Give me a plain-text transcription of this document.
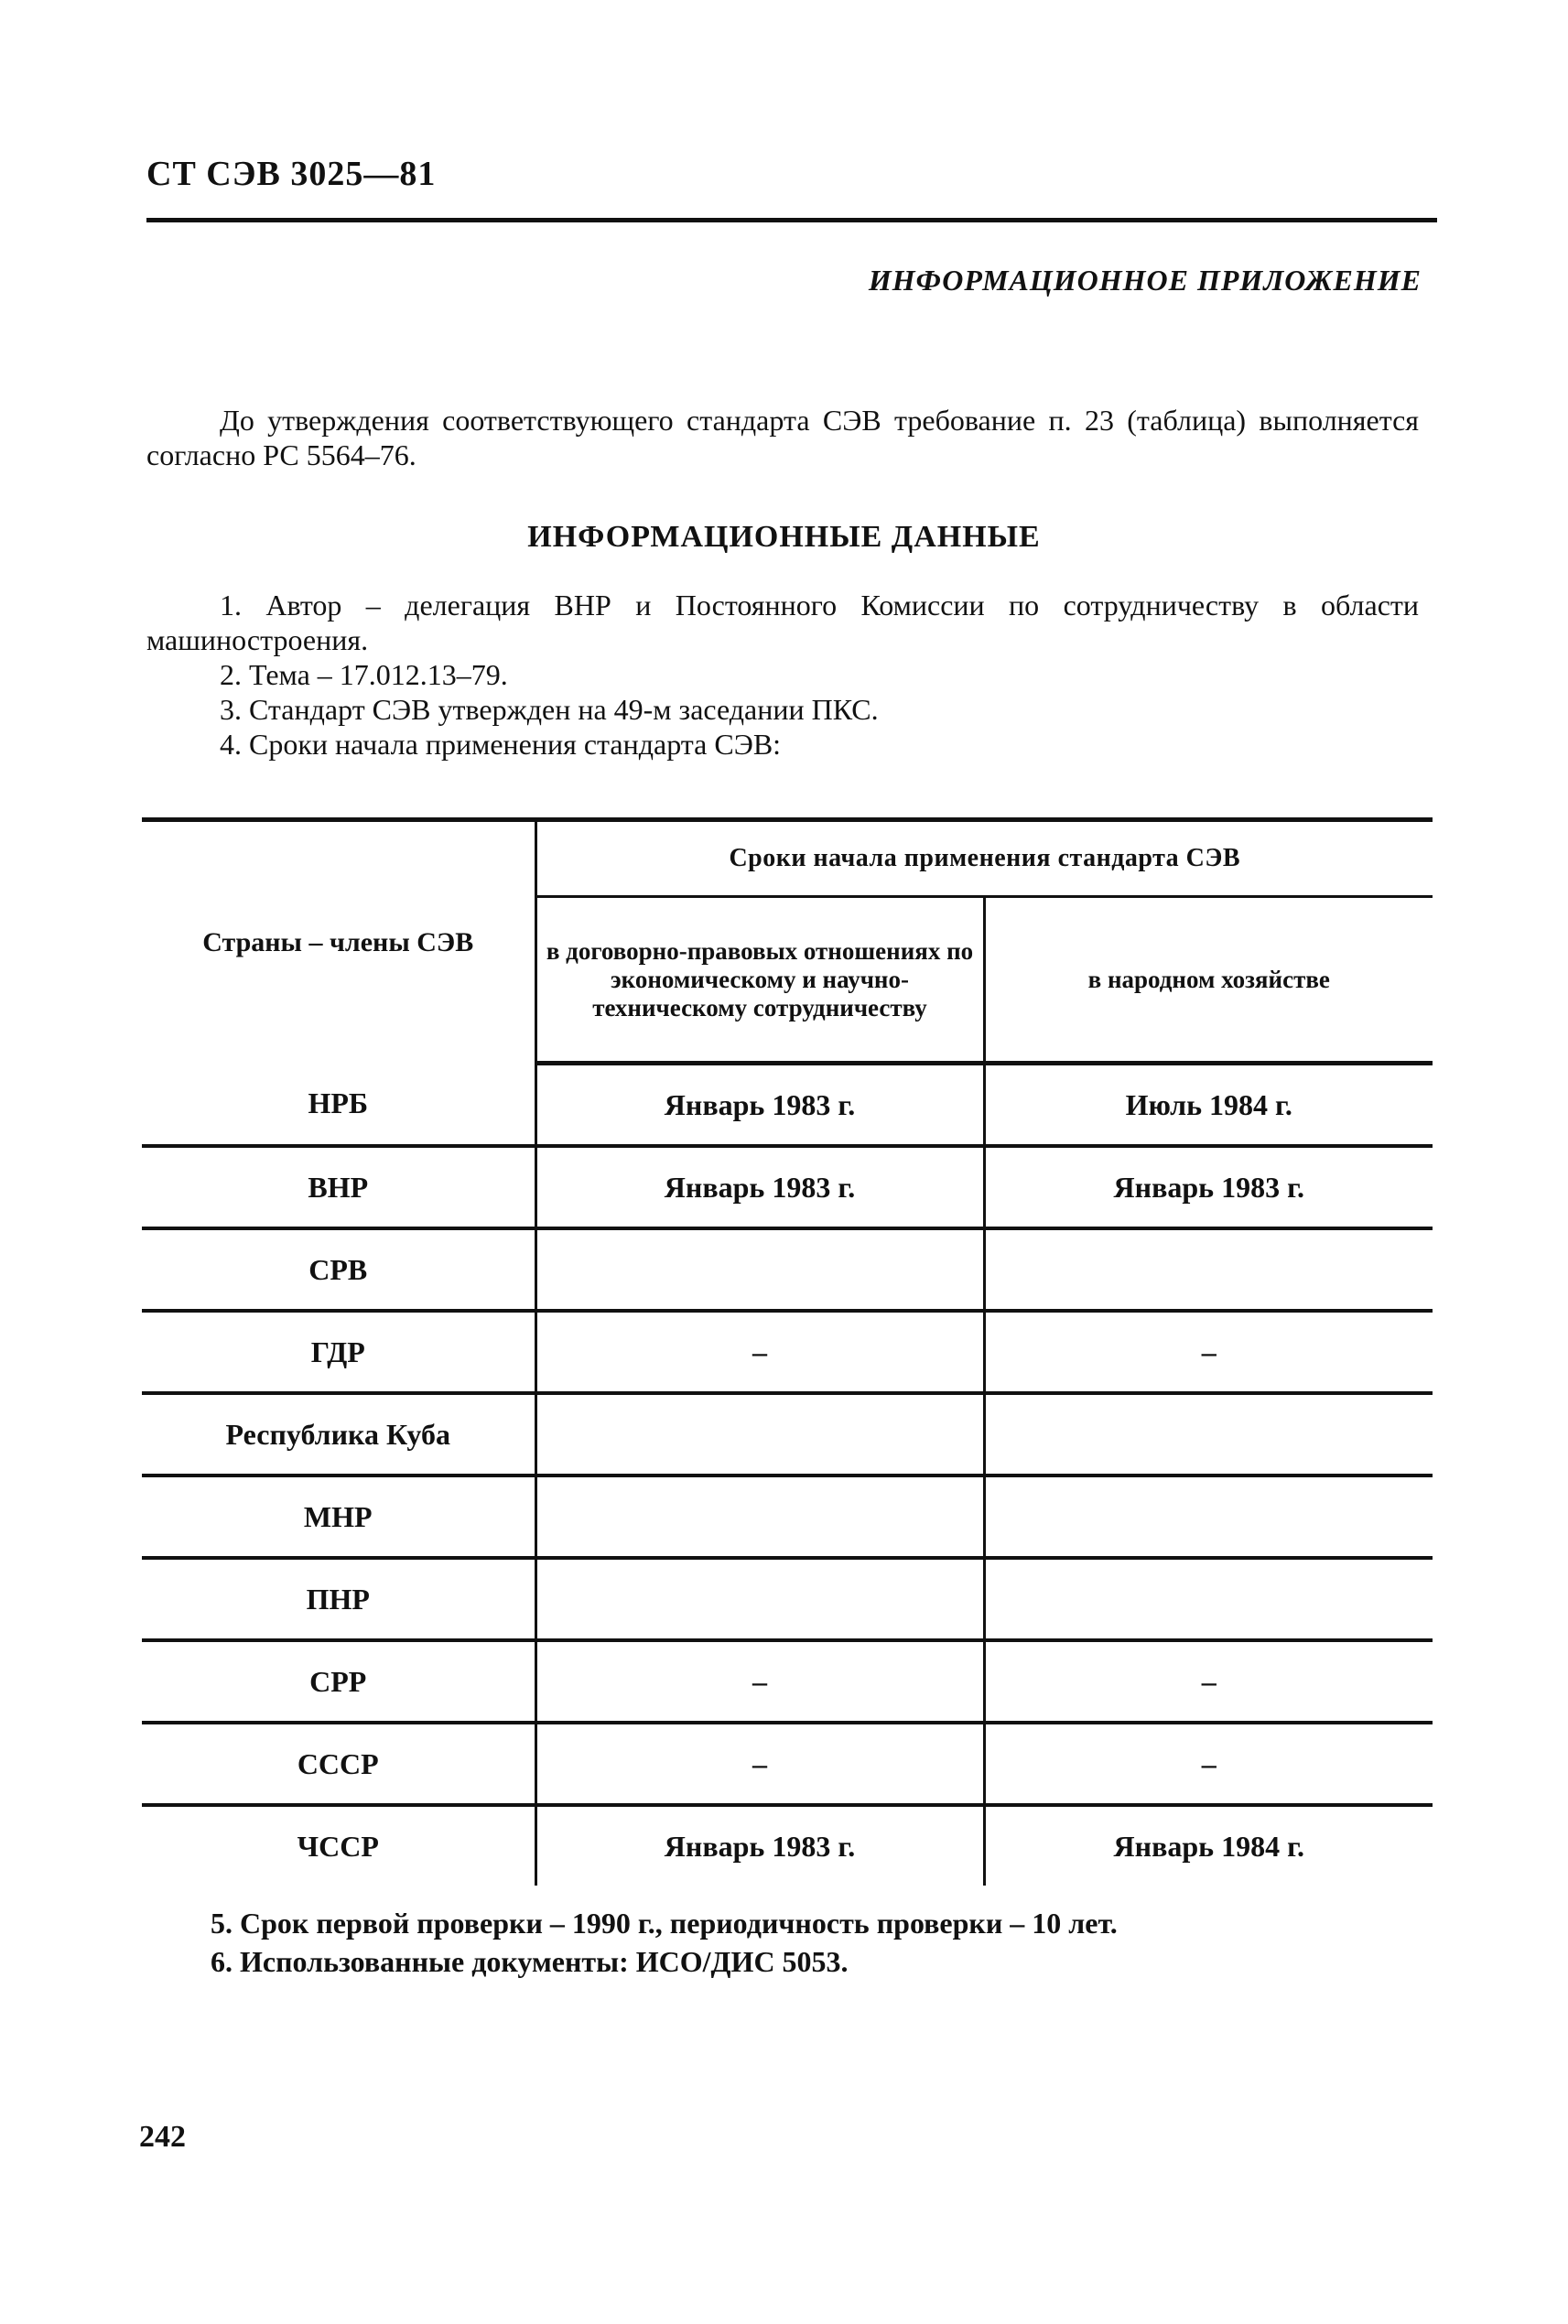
СТ СЭВ 3025—81
ИНФОРМАЦИОННОЕ ПРИЛОЖЕНИЕ
До утверждения соответствующего стандарта СЭВ требование п. 23 (таблица) выполняется согласно РС 5564–76.
ИНФОРМАЦИОННЫЕ ДАННЫЕ
1. Автор – делегация ВНР и Постоянного Комиссии по сотрудничеству в области машиностроения.
2. Тема – 17.012.13–79.
3. Стандарт СЭВ утвержден на 49-м заседании ПКС.
4. Сроки начала применения стандарта СЭВ:
Страны – члены СЭВ	Сроки начала применения стандарта СЭВ	
	в договорно-правовых отношениях по экономическому и научно-техническому сотрудничеству	в народном хозяйстве
НРБ	Январь 1983 г.	Июль 1984 г.
ВНР	Январь 1983 г.	Январь 1983 г.
СРВ		
ГДР	–	–
Республика Куба		
МНР		
ПНР		
СРР	–	–
СССР	–	–
ЧССР	Январь 1983 г.	Январь 1984 г.
5. Срок первой проверки – 1990 г., периодичность проверки – 10 лет.
6. Использованные документы: ИСО/ДИС 5053.
242
